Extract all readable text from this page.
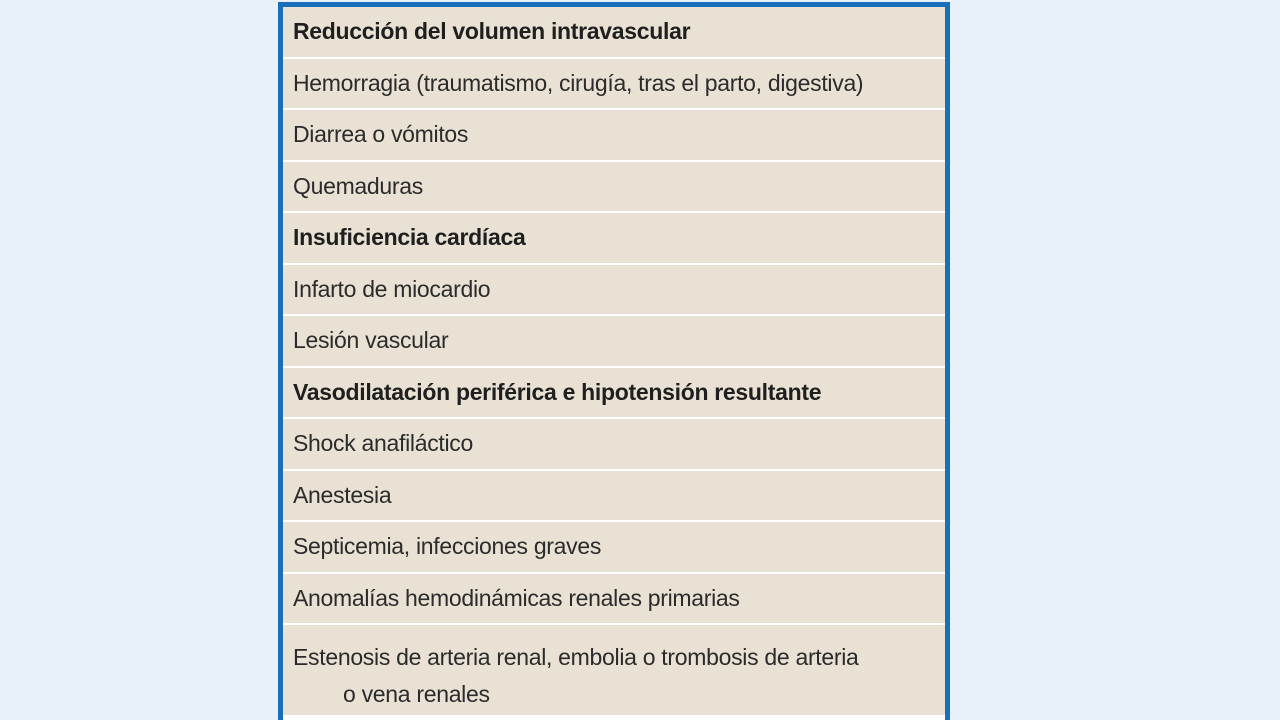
Reducción del volumen intravascular
Hemorragia (traumatismo, cirugía, tras el parto, digestiva)
Diarrea o vómitos
Quemaduras
Insuficiencia cardíaca
Infarto de miocardio
Lesión vascular
Vasodilatación periférica e hipotensión resultante
Shock anafiláctico
Anestesia
Septicemia, infecciones graves
Anomalías hemodinámicas renales primarias
Estenosis de arteria renal, embolia o trombosis de arteria
o vena renales
